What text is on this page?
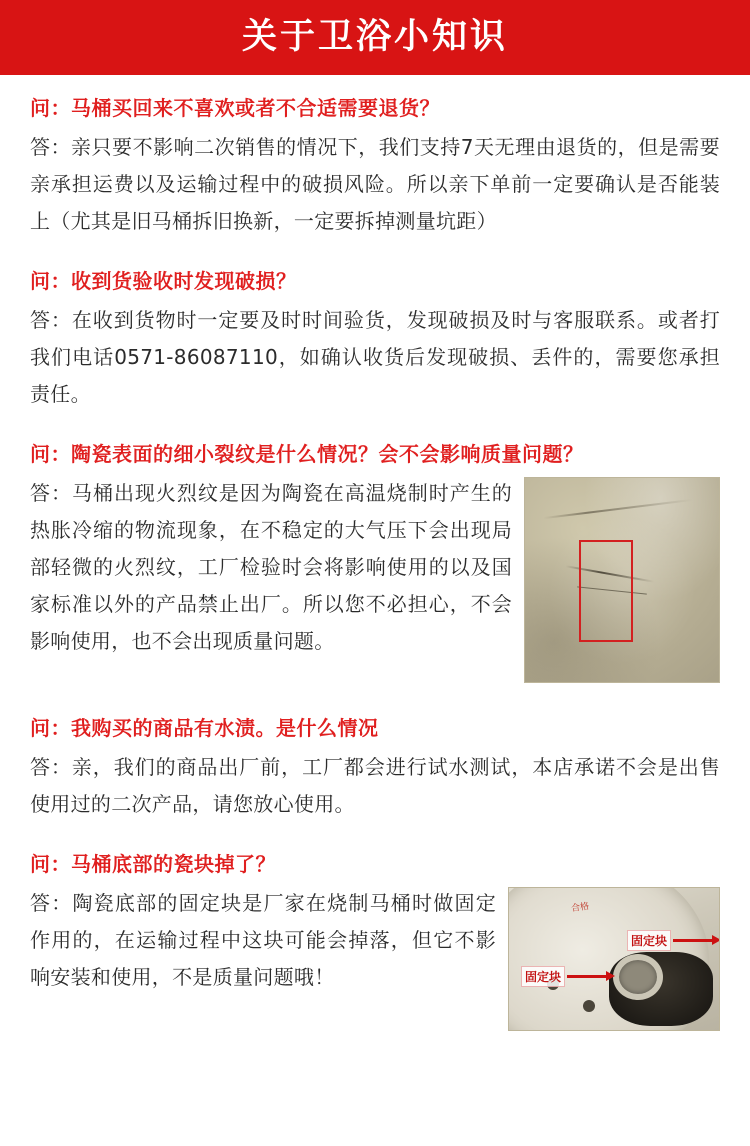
关于卫浴小知识
问：马桶买回来不喜欢或者不合适需要退货？
答：亲只要不影响二次销售的情况下，我们支持7天无理由退货的，但是需要亲承担运费以及运输过程中的破损风险。所以亲下单前一定要确认是否能装上（尤其是旧马桶拆旧换新，一定要拆掉测量坑距）
问：收到货验收时发现破损？
答：在收到货物时一定要及时时间验货，发现破损及时与客服联系。或者打我们电话0571-86087110，如确认收货后发现破损、丢件的，需要您承担责任。
问：陶瓷表面的细小裂纹是什么情况？会不会影响质量问题？
答：马桶出现火烈纹是因为陶瓷在高温烧制时产生的热胀冷缩的物流现象，在不稳定的大气压下会出现局部轻微的火烈纹，工厂检验时会将影响使用的以及国家标准以外的产品禁止出厂。所以您不必担心，不会影响使用，也不会出现质量问题。
问：我购买的商品有水渍。是什么情况
答：亲，我们的商品出厂前，工厂都会进行试水测试，本店承诺不会是出售使用过的二次产品，请您放心使用。
问：马桶底部的瓷块掉了？
合格
固定块
固定块
答：陶瓷底部的固定块是厂家在烧制马桶时做固定作用的，在运输过程中这块可能会掉落，但它不影响安装和使用，不是质量问题哦！
